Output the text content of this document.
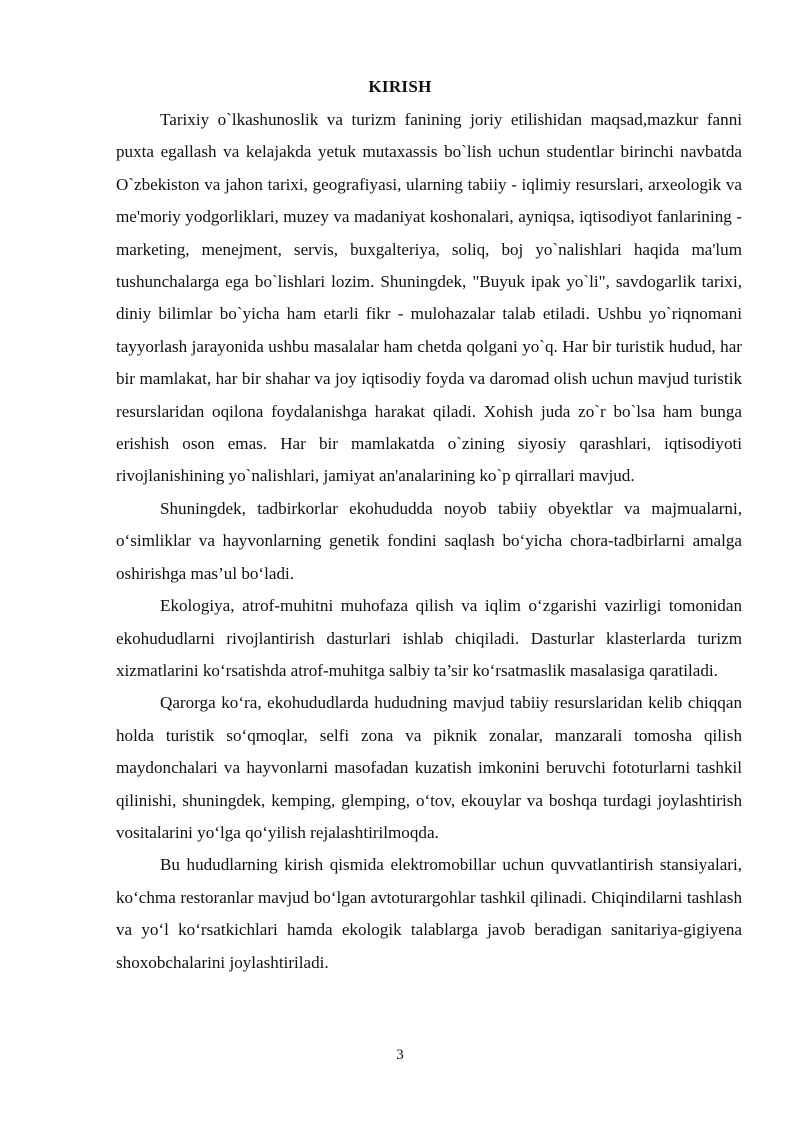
KIRISH

Tarixiy o`lkashunoslik va turizm fanining joriy etilishidan maqsad,mazkur fanni puxta egallash va kelajakda yetuk mutaxassis bo`lish uchun studentlar birinchi navbatda O`zbekiston va jahon tarixi, geografiyasi, ularning tabiiy - iqlimiy resurslari, arxeologik va me'moriy yodgorliklari, muzey va madaniyat koshonalari, ayniqsa, iqtisodiyot fanlarining - marketing, menejment, servis, buxgalteriya, soliq, boj yo`nalishlari haqida ma'lum tushunchalarga ega bo`lishlari lozim. Shuningdek, "Buyuk ipak yo`li", savdogarlik tarixi, diniy bilimlar bo`yicha ham etarli fikr - mulohazalar talab etiladi. Ushbu yo`riqnomani tayyorlash jarayonida ushbu masalalar ham chetda qolgani yo`q. Har bir turistik hudud, har bir mamlakat, har bir shahar va joy iqtisodiy foyda va daromad olish uchun mavjud turistik resurslaridan oqilona foydalanishga harakat qiladi. Xohish juda zo`r bo`lsa ham bunga erishish oson emas. Har bir mamlakatda o`zining siyosiy qarashlari, iqtisodiyoti rivojlanishining yo`nalishlari, jamiyat an'analarining ko`p qirrallari mavjud.

Shuningdek, tadbirkorlar ekohududda noyob tabiiy obyektlar va majmualarni, o‘simliklar va hayvonlarning genetik fondini saqlash bo‘yicha chora-tadbirlarni amalga oshirishga mas’ul bo‘ladi.

Ekologiya, atrof-muhitni muhofaza qilish va iqlim o‘zgarishi vazirligi tomonidan ekohududlarni rivojlantirish dasturlari ishlab chiqiladi. Dasturlar klasterlarda turizm xizmatlarini ko‘rsatishda atrof-muhitga salbiy ta’sir ko‘rsatmaslik masalasiga qaratiladi.

Qarorga ko‘ra, ekohududlarda hududning mavjud tabiiy resurslaridan kelib chiqqan holda turistik so‘qmoqlar, selfi zona va piknik zonalar, manzarali tomosha qilish maydonchalari va hayvonlarni masofadan kuzatish imkonini beruvchi fototurlarni tashkil qilinishi, shuningdek, kemping, glemping, o‘tov, ekouylar va boshqa turdagi joylashtirish vositalarini yo‘lga qo‘yilish rejalashtirilmoqda.

Bu hududlarning kirish qismida elektromobillar uchun quvvatlantirish stansiyalari, ko‘chma restoranlar mavjud bo‘lgan avtoturargohlar tashkil qilinadi. Chiqindilarni tashlash va yo‘l ko‘rsatkichlari hamda ekologik talablarga javob beradigan sanitariya-gigiyena shoxobchalarini joylashtiriladi.

3
